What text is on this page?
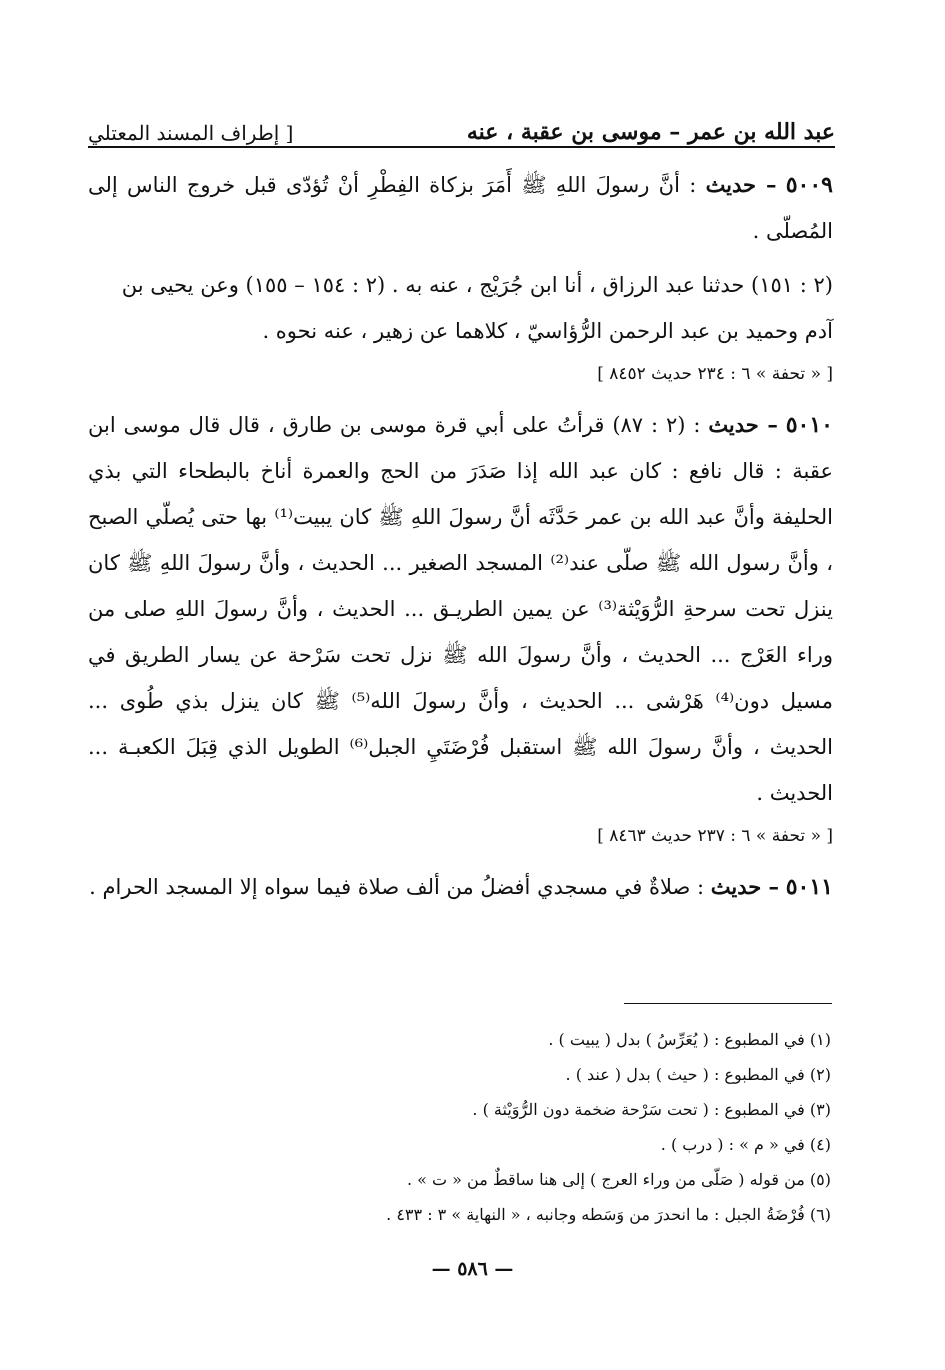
عبد الله بن عمر – موسى بن عقبة ، عنه
[ إطراف المسند المعتلي

٥٠٠٩ – حديث : أنَّ رسولَ اللهِ ﷺ أَمَرَ بزكاة الفِطْرِ أنْ تُؤدّى قبل خروج الناس إلى المُصلّى .

(٢ : ١٥١) حدثنا عبد الرزاق ، أنا ابن جُرَيْج ، عنه به . (٢ : ١٥٤ – ١٥٥) وعن يحيى بن آدم وحميد بن عبد الرحمن الرُّؤاسيّ ، كلاهما عن زهير ، عنه نحوه .

[ « تحفة » ٦ : ٢٣٤ حديث ٨٤٥٢ ]

٥٠١٠ – حديث : (٢ : ٨٧) قرأتُ على أبي قرة موسى بن طارق ، قال قال موسى ابن عقبة : قال نافع : كان عبد الله إذا صَدَرَ من الحج والعمرة أناخ بالبطحاء التي بذي الحليفة وأنَّ عبد الله بن عمر حَدَّثَه أنَّ رسولَ اللهِ ﷺ كان يبيت⁽¹⁾ بها حتى يُصلّي الصبح ، وأنَّ رسول الله ﷺ صلّى عند⁽²⁾ المسجد الصغير ... الحديث ، وأنَّ رسولَ اللهِ ﷺ كان ينزل تحت سرحةِ الرُّوَيْثة⁽³⁾ عن يمين الطريـق ... الحديث ، وأنَّ رسولَ اللهِ صلى من وراء العَرْج ... الحديث ، وأنَّ رسولَ الله ﷺ نزل تحت سَرْحة عن يسار الطريق في مسيل دون⁽⁴⁾ هَرْشى ... الحديث ، وأنَّ رسولَ الله⁽⁵⁾ ﷺ كان ينزل بذي طُوى ... الحديث ، وأنَّ رسولَ الله ﷺ استقبل فُرْضَتَيِ الجبل⁽⁶⁾ الطويل الذي قِبَلَ الكعبـة ... الحديث .

[ « تحفة » ٦ : ٢٣٧ حديث ٨٤٦٣ ]

٥٠١١ – حديث : صلاةٌ في مسجدي أفضلُ من ألف صلاة فيما سواه إلا المسجد الحرام .

(١) في المطبوع : ( يُعَرِّسُ ) بدل ( يبيت ) .
(٢) في المطبوع : ( حيث ) بدل ( عند ) .
(٣) في المطبوع : ( تحت سَرْحة ضخمة دون الرُّوَيْثة ) .
(٤) في « م » : ( درب ) .
(٥) من قوله ( صَلّى من وراء العرج ) إلى هنا ساقطٌ من « ت » .
(٦) فُرْضَةُ الجبل : ما انحدرَ من وَسَطه وجانبه ، « النهاية » ٣ : ٤٣٣ .
— ٥٨٦ —
